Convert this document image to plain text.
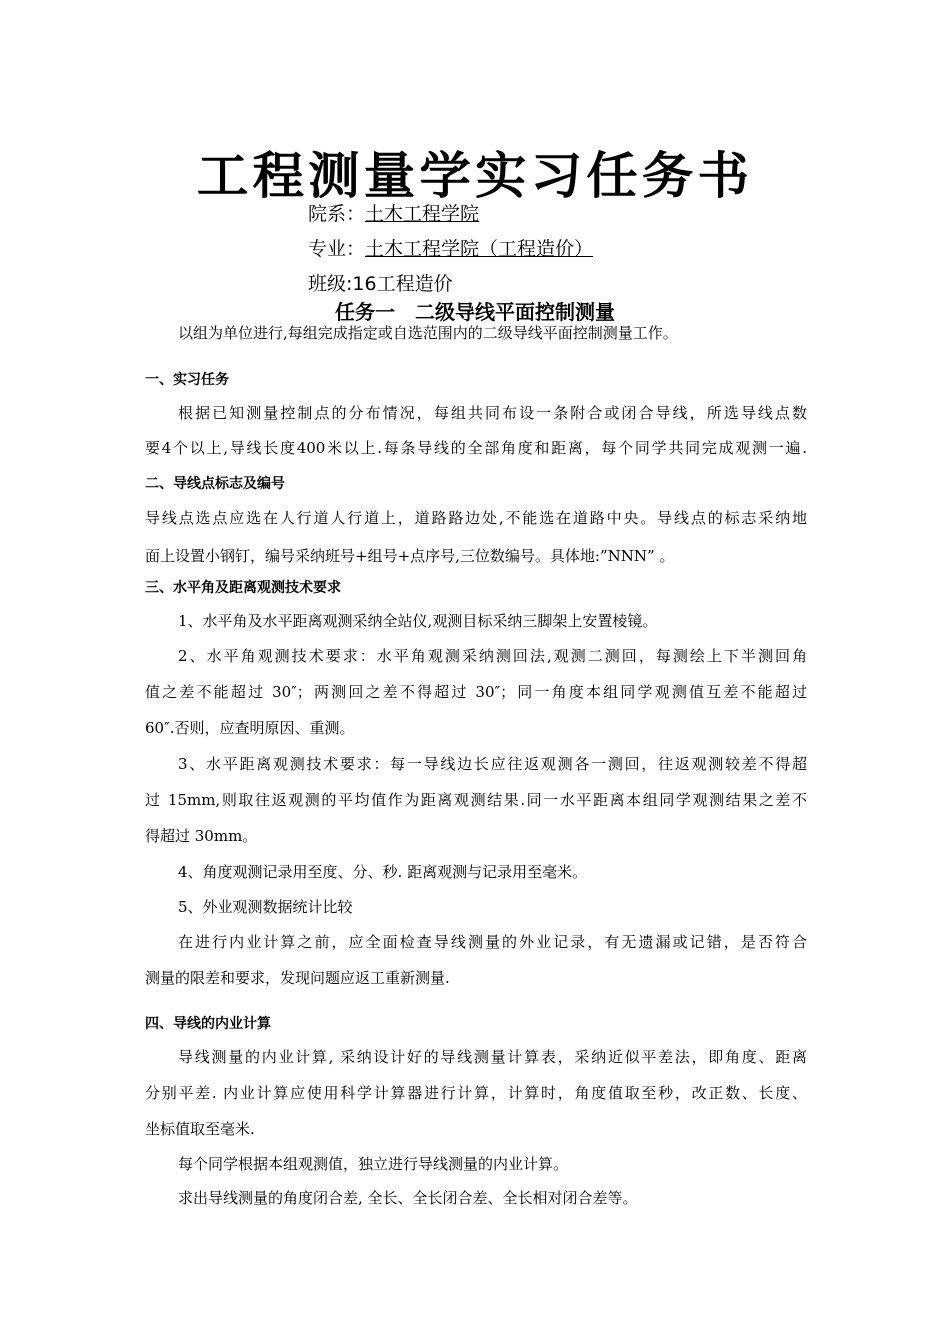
工程测量学实习任务书
院系：土木工程学院
专业：土木工程学院（工程造价）
班级:16工程造价
任务一　二级导线平面控制测量
以组为单位进行,每组完成指定或自选范围内的二级导线平面控制测量工作。
一、实习任务
根据已知测量控制点的分布情况，每组共同布设一条附合或闭合导线，所选导线点数
要4个以上,导线长度400米以上.每条导线的全部角度和距离，每个同学共同完成观测一遍.
二、导线点标志及编号
导线点选点应选在人行道人行道上，道路路边处,不能选在道路中央。导线点的标志采纳地
面上设置小钢钉，编号采纳班号+组号+点序号,三位数编号。具体地:”NNN” 。
三、水平角及距离观测技术要求
1、水平角及水平距离观测采纳全站仪,观测目标采纳三脚架上安置棱镜。
2、水平角观测技术要求：水平角观测采纳测回法,观测二测回，每测绘上下半测回角
值之差不能超过 30″；两测回之差不得超过 30″；同一角度本组同学观测值互差不能超过
60″.否则，应查明原因、重测。
3、水平距离观测技术要求：每一导线边长应往返观测各一测回，往返观测较差不得超
过 15mm,则取往返观测的平均值作为距离观测结果.同一水平距离本组同学观测结果之差不
得超过 30mm。
4、角度观测记录用至度、分、秒. 距离观测与记录用至毫米。
5、外业观测数据统计比较
在进行内业计算之前，应全面检查导线测量的外业记录，有无遗漏或记错，是否符合
测量的限差和要求，发现问题应返工重新测量.
四、导线的内业计算
导线测量的内业计算, 采纳设计好的导线测量计算表，采纳近似平差法，即角度、距离
分别平差. 内业计算应使用科学计算器进行计算，计算时，角度值取至秒，改正数、长度、
坐标值取至毫米.
每个同学根据本组观测值，独立进行导线测量的内业计算。
求出导线测量的角度闭合差, 全长、全长闭合差、全长相对闭合差等。
